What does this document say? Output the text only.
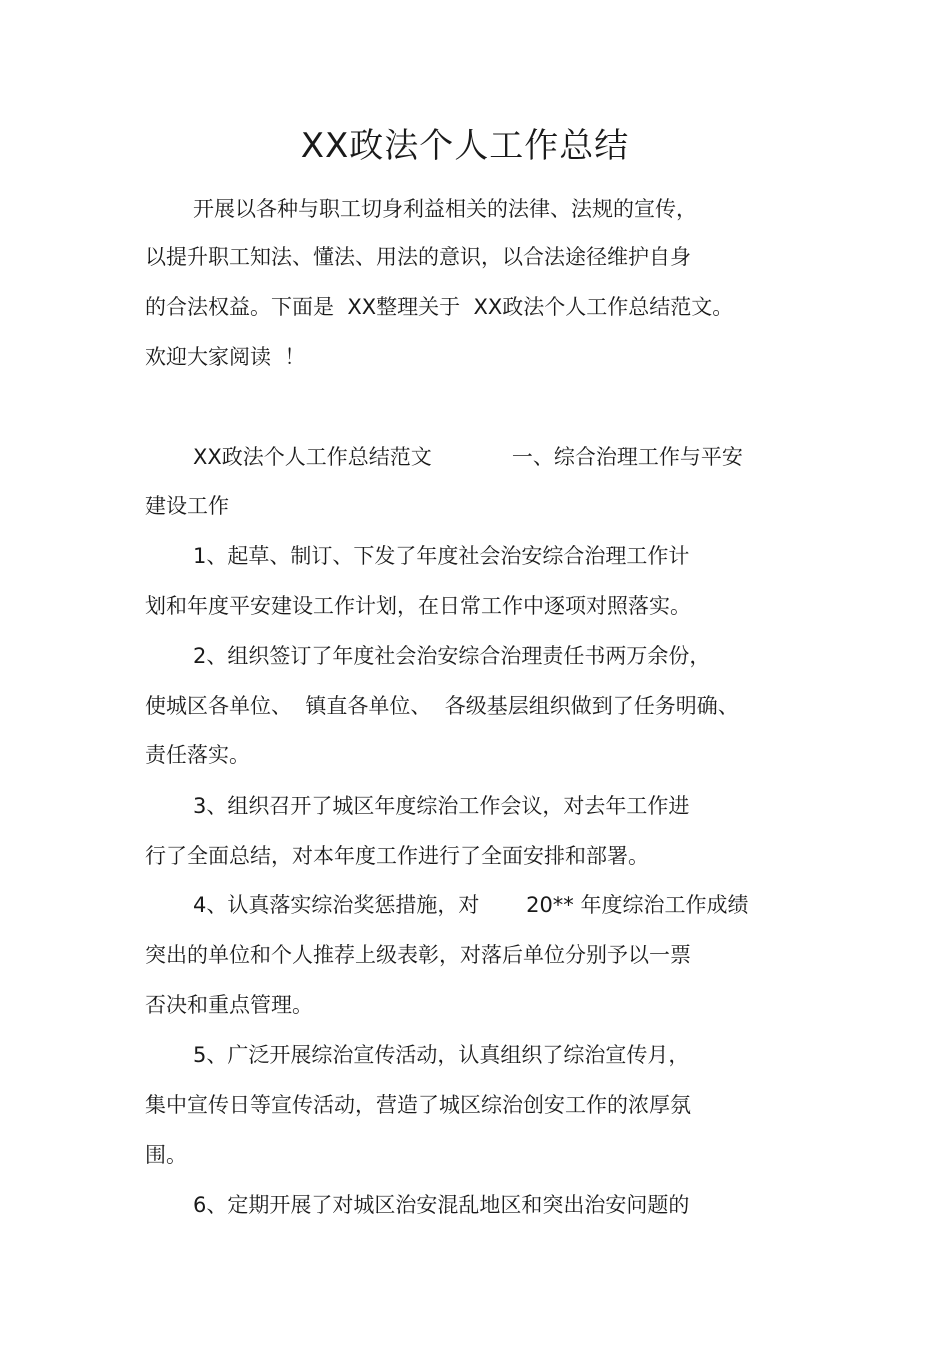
XX政法个人工作总结
开展以各种与职工切身利益相关的法律、法规的宣传，
以提升职工知法、懂法、用法的意识，以合法途径维护自身
的合法权益。下面是  XX整理关于  XX政法个人工作总结范文。
欢迎大家阅读  ！
XX政法个人工作总结范文            一、综合治理工作与平安
建设工作
1、起草、制订、下发了年度社会治安综合治理工作计
划和年度平安建设工作计划，在日常工作中逐项对照落实。
2、组织签订了年度社会治安综合治理责任书两万余份，
使城区各单位、  镇直各单位、  各级基层组织做到了任务明确、
责任落实。
3、组织召开了城区年度综治工作会议，对去年工作进
行了全面总结，对本年度工作进行了全面安排和部署。
4、认真落实综治奖惩措施，对       20** 年度综治工作成绩
突出的单位和个人推荐上级表彰，对落后单位分别予以一票
否决和重点管理。
5、广泛开展综治宣传活动，认真组织了综治宣传月，
集中宣传日等宣传活动，营造了城区综治创安工作的浓厚氛
围。
6、定期开展了对城区治安混乱地区和突出治安问题的
